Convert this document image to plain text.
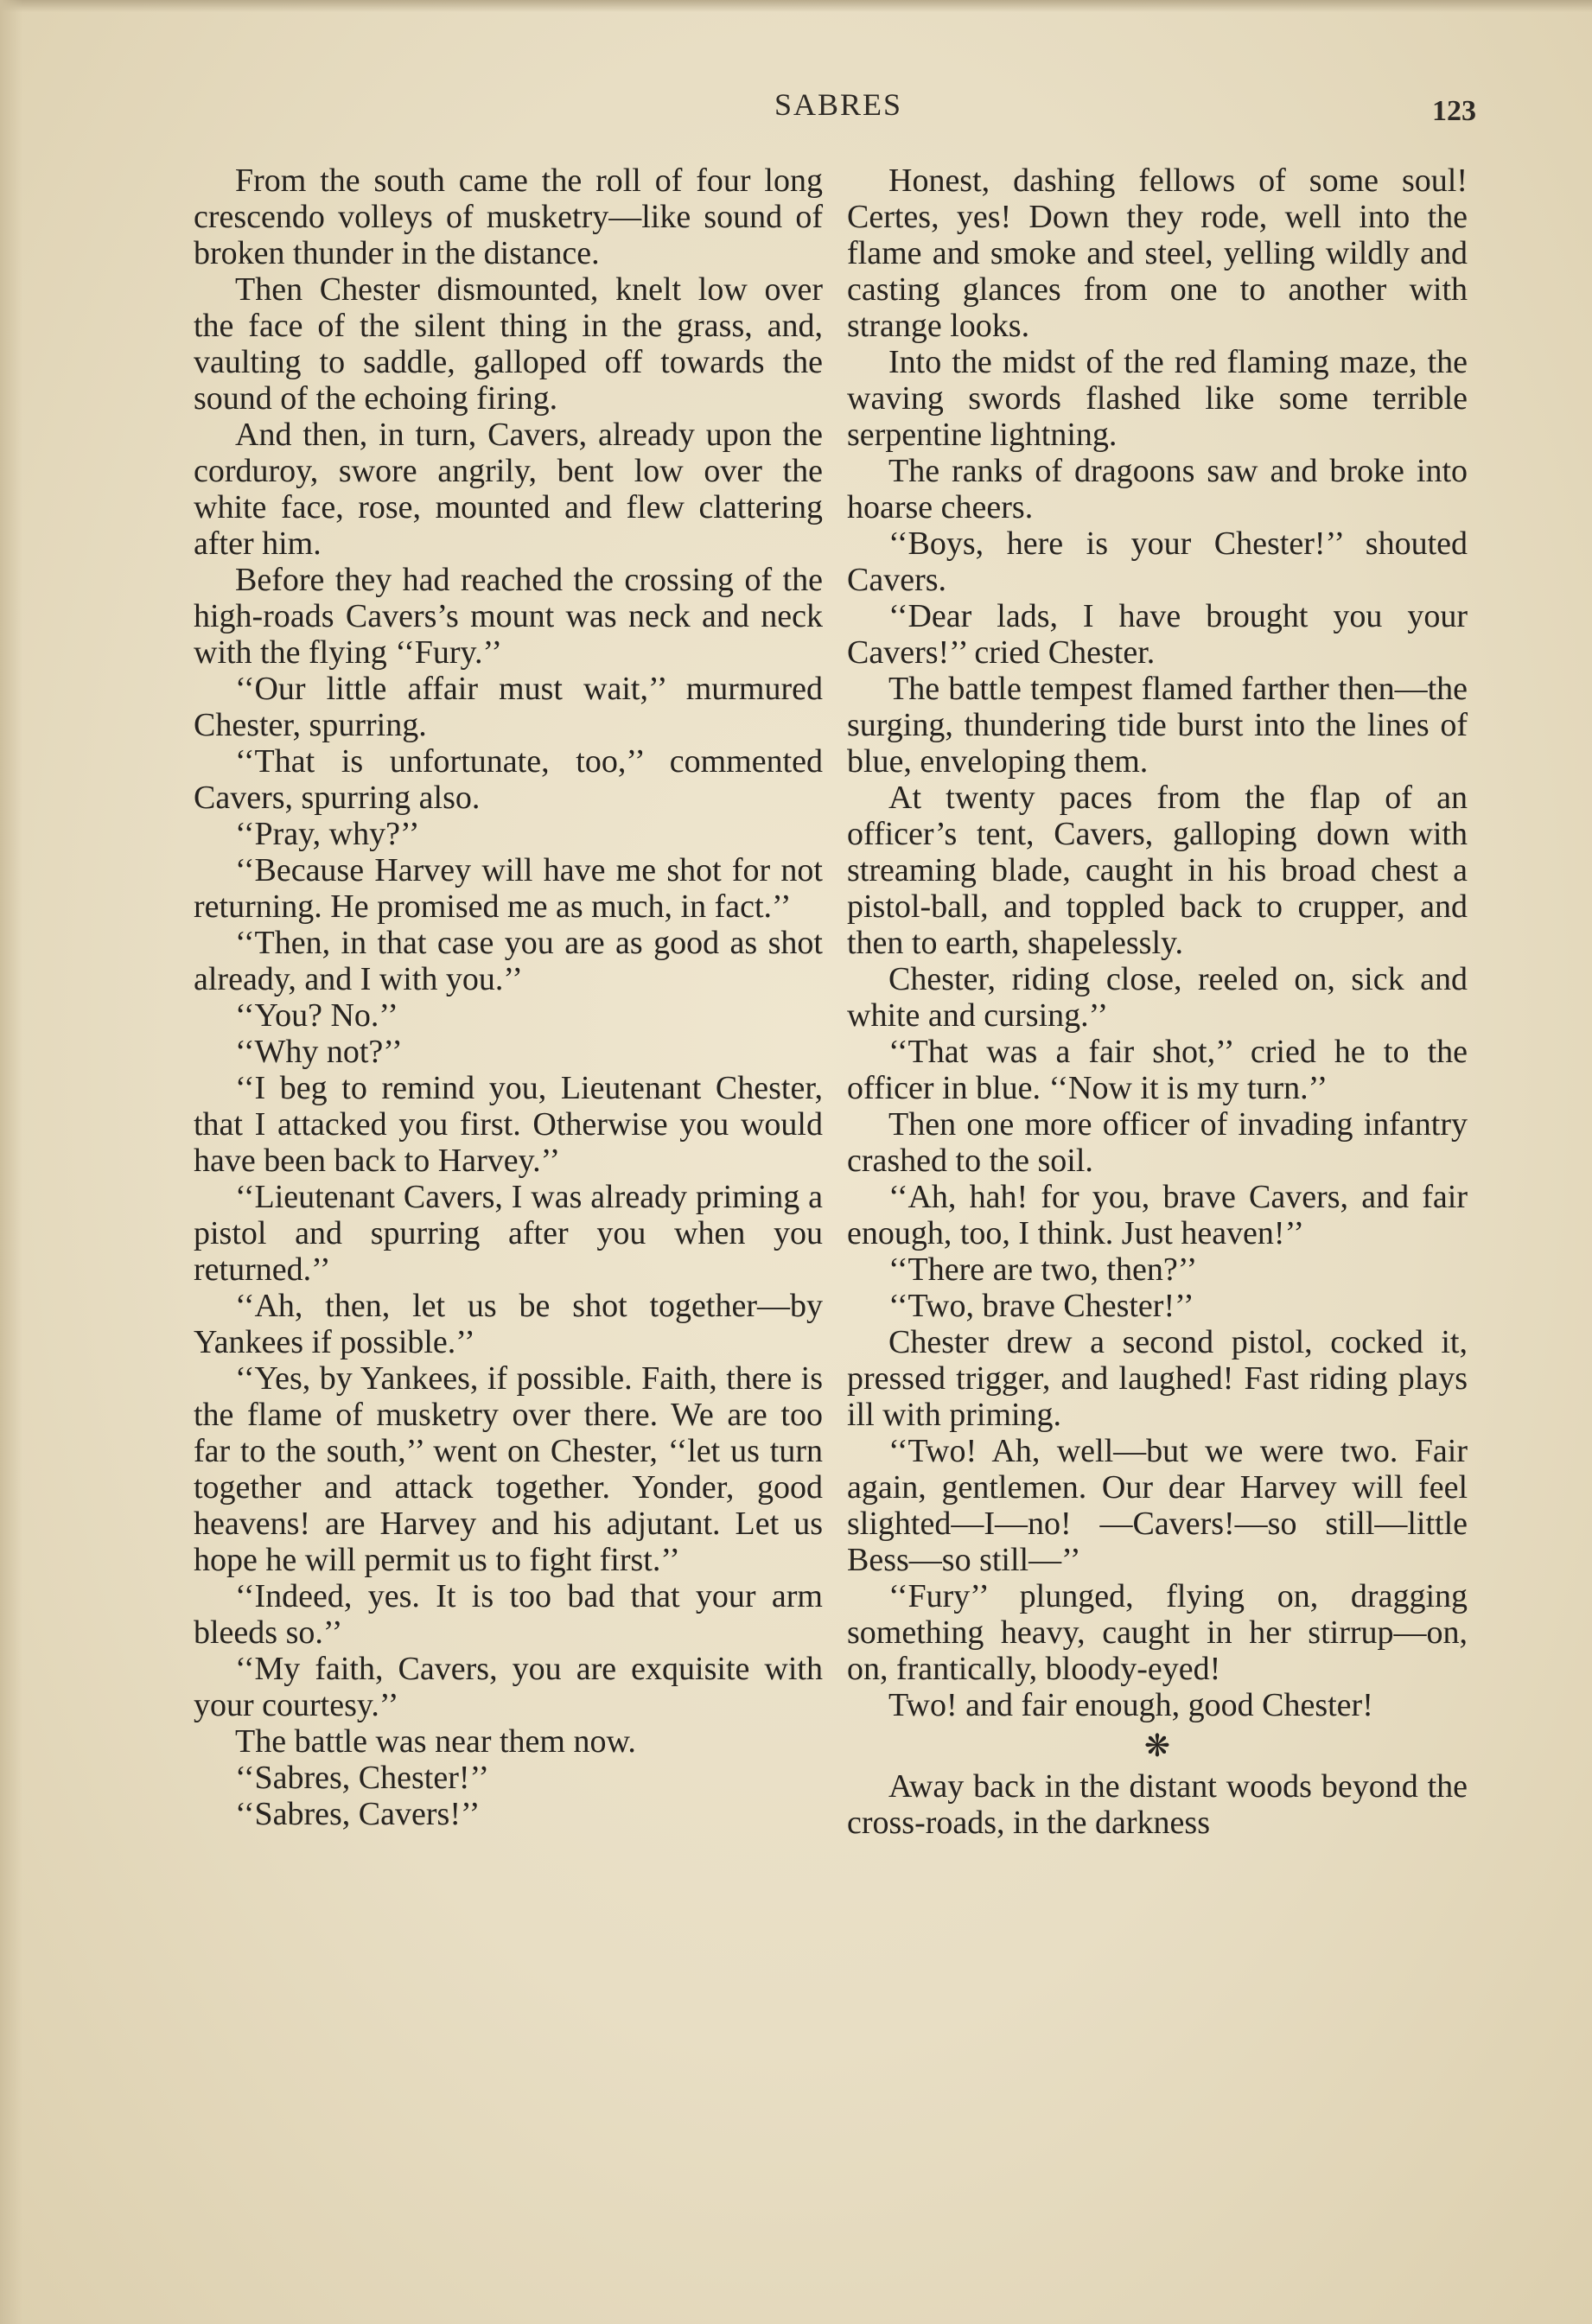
SABRES	123

From the south came the roll of four long crescendo volleys of musketry—like sound of broken thunder in the distance.

Then Chester dismounted, knelt low over the face of the silent thing in the grass, and, vaulting to saddle, galloped off towards the sound of the echoing firing.

And then, in turn, Cavers, already upon the corduroy, swore angrily, bent low over the white face, rose, mounted and flew clattering after him.

Before they had reached the crossing of the high-roads Cavers’s mount was neck and neck with the flying ‘‘Fury.’’

‘‘Our little affair must wait,’’ murmured Chester, spurring.

‘‘That is unfortunate, too,’’ commented Cavers, spurring also.

‘‘Pray, why?’’

‘‘Because Harvey will have me shot for not returning. He promised me as much, in fact.’’

‘‘Then, in that case you are as good as shot already, and I with you.’’

‘‘You? No.’’

‘‘Why not?’’

‘‘I beg to remind you, Lieutenant Chester, that I attacked you first. Otherwise you would have been back to Harvey.’’

‘‘Lieutenant Cavers, I was already priming a pistol and spurring after you when you returned.’’

‘‘Ah, then, let us be shot together—by Yankees if possible.’’

‘‘Yes, by Yankees, if possible. Faith, there is the flame of musketry over there. We are too far to the south,’’ went on Chester, ‘‘let us turn together and attack together. Yonder, good heavens! are Harvey and his adjutant. Let us hope he will permit us to fight first.’’

‘‘Indeed, yes. It is too bad that your arm bleeds so.’’

‘‘My faith, Cavers, you are exquisite with your courtesy.’’

The battle was near them now.

‘‘Sabres, Chester!’’

‘‘Sabres, Cavers!’’

Honest, dashing fellows of some soul! Certes, yes! Down they rode, well into the flame and smoke and steel, yelling wildly and casting glances from one to another with strange looks.

Into the midst of the red flaming maze, the waving swords flashed like some terrible serpentine lightning.

The ranks of dragoons saw and broke into hoarse cheers.

‘‘Boys, here is your Chester!’’ shouted Cavers.

‘‘Dear lads, I have brought you your Cavers!’’ cried Chester.

The battle tempest flamed farther then—the surging, thundering tide burst into the lines of blue, enveloping them.

At twenty paces from the flap of an officer’s tent, Cavers, galloping down with streaming blade, caught in his broad chest a pistol-ball, and toppled back to crupper, and then to earth, shapelessly.

Chester, riding close, reeled on, sick and white and cursing.’’

‘‘That was a fair shot,’’ cried he to the officer in blue. ‘‘Now it is my turn.’’

Then one more officer of invading infantry crashed to the soil.

‘‘Ah, hah! for you, brave Cavers, and fair enough, too, I think. Just heaven!’’

‘‘There are two, then?’’

‘‘Two, brave Chester!’’

Chester drew a second pistol, cocked it, pressed trigger, and laughed! Fast riding plays ill with priming.

‘‘Two! Ah, well—but we were two. Fair again, gentlemen. Our dear Harvey will feel slighted—I—no! —Cavers!—so still—little Bess—so still—’’

‘‘Fury’’ plunged, flying on, dragging something heavy, caught in her stirrup—on, on, frantically, bloody-eyed!

Two! and fair enough, good Chester!

❋

Away back in the distant woods beyond the cross-roads, in the darkness
